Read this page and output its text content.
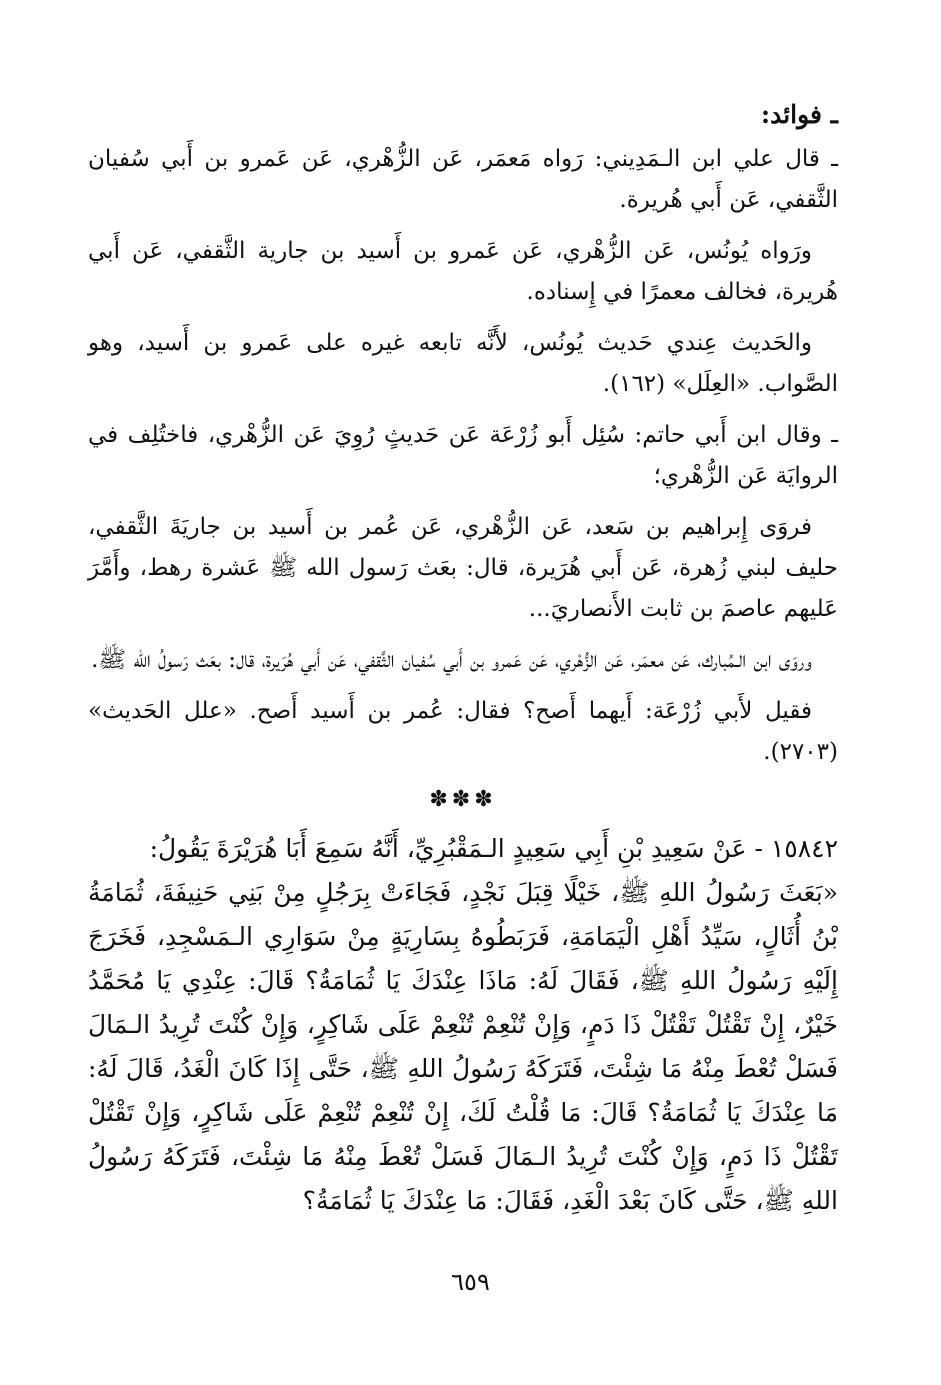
ـ فوائد:

ـ قال علي ابن الـمَدِيني: رَواه مَعمَر، عَن الزُّهْري، عَن عَمرو بن أَبي سُفيان الثَّقفي، عَن أَبي هُريرة.

ورَواه يُونُس، عَن الزُّهْري، عَن عَمرو بن أَسيد بن جارية الثَّقفي، عَن أَبي هُريرة، فخالف معمرًا في إِسناده.

والحَديث عِندي حَديث يُونُس، لأَنَّه تابعه غيره على عَمرو بن أَسيد، وهو الصَّواب. «العِلَل» (١٦٢).

ـ وقال ابن أَبي حاتم: سُئِل أَبو زُرْعَة عَن حَديثٍ رُوِيَ عَن الزُّهْري، فاختُلِف في الروايَة عَن الزُّهْري؛

فروَى إِبراهيم بن سَعد، عَن الزُّهْري، عَن عُمر بن أَسيد بن جاريَةَ الثَّقفي، حليف لبني زُهرة، عَن أَبي هُرَيرة، قال: بعَث رَسول الله ﷺ عَشرة رهط، وأَمَّرَ عَليهم عاصمَ بن ثابت الأَنصاريَ...

وروَى ابن الـمُبارك، عَن معمَر، عَن الزُّهْري، عَن عَمرو بن أَبي سُفيان الثَّقفي، عَن أَبي هُرَيرة، قال: بعَث رَسولُ الله ﷺ.

فقيل لأَبي زُرْعَة: أَيهما أَصح؟ فقال: عُمر بن أَسيد أَصح. «علل الحَديث» (٢٧٠٣).

✽✽✽

١٥٨٤٢ - عَنْ سَعِيدِ بْنِ أَبِي سَعِيدٍ الـمَقْبُرِيِّ، أَنَّهُ سَمِعَ أَبَا هُرَيْرَةَ يَقُولُ:

«بَعَثَ رَسُولُ اللهِ ﷺ، خَيْلًا قِبَلَ نَجْدٍ، فَجَاءَتْ بِرَجُلٍ مِنْ بَنِي حَنِيفَةَ، ثُمَامَةُ بْنُ أُثَالٍ، سَيِّدُ أَهْلِ الْيَمَامَةِ، فَرَبَطُوهُ بِسَارِيَةٍ مِنْ سَوَارِي الـمَسْجِدِ، فَخَرَجَ إِلَيْهِ رَسُولُ اللهِ ﷺ، فَقَالَ لَهُ: مَاذَا عِنْدَكَ يَا ثُمَامَةُ؟ قَالَ: عِنْدِي يَا مُحَمَّدُ خَيْرٌ، إِنْ تَقْتُلْ تَقْتُلْ ذَا دَمٍ، وَإِنْ تُنْعِمْ تُنْعِمْ عَلَى شَاكِرٍ، وَإِنْ كُنْتَ تُرِيدُ الـمَالَ فَسَلْ تُعْطَ مِنْهُ مَا شِئْتَ، فَتَرَكَهُ رَسُولُ اللهِ ﷺ، حَتَّى إِذَا كَانَ الْغَدُ، قَالَ لَهُ: مَا عِنْدَكَ يَا ثُمَامَةُ؟ قَالَ: مَا قُلْتُ لَكَ، إِنْ تُنْعِمْ تُنْعِمْ عَلَى شَاكِرٍ، وَإِنْ تَقْتُلْ تَقْتُلْ ذَا دَمٍ، وَإِنْ كُنْتَ تُرِيدُ الـمَالَ فَسَلْ تُعْطَ مِنْهُ مَا شِئْتَ، فَتَرَكَهُ رَسُولُ اللهِ ﷺ، حَتَّى كَانَ بَعْدَ الْغَدِ، فَقَالَ: مَا عِنْدَكَ يَا ثُمَامَةُ؟

٦٥٩
